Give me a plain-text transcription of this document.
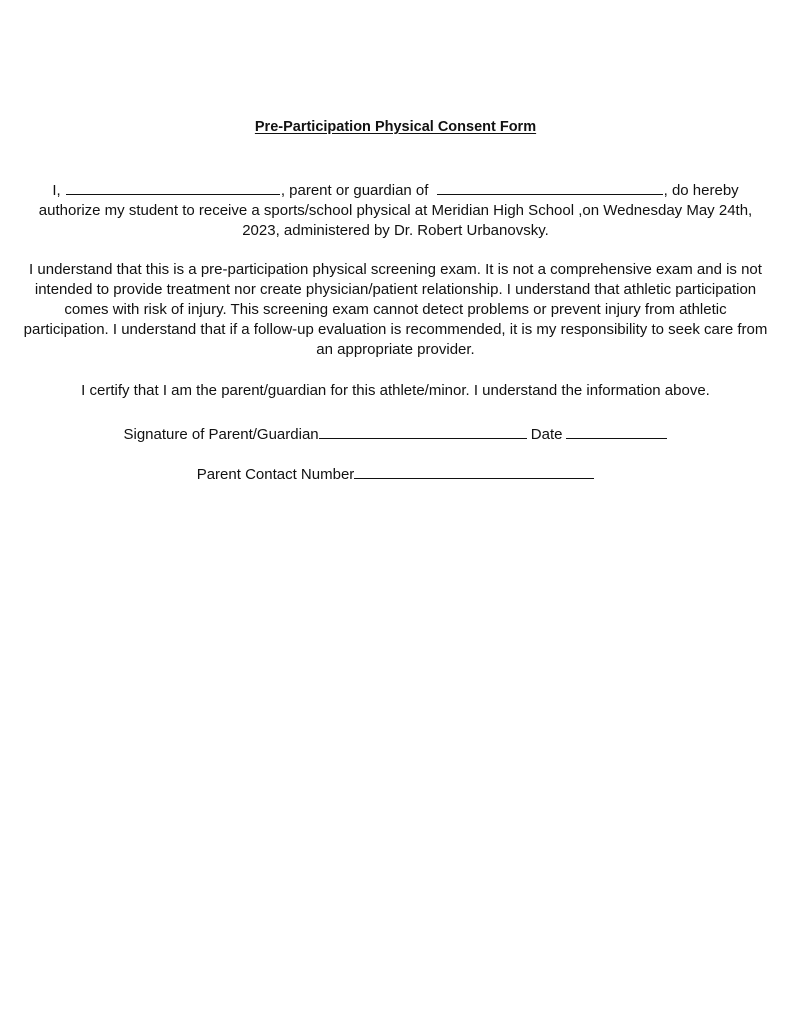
Pre-Participation Physical Consent Form
I,	, parent or guardian of	, do hereby authorize my student to receive a sports/school physical at Meridian High School ,on Wednesday May 24th, 2023, administered by Dr. Robert Urbanovsky.
I understand that this is a pre-participation physical screening exam. It is not a comprehensive exam and is not intended to provide treatment nor create physician/patient relationship. I understand that athletic participation comes with risk of injury. This screening exam cannot detect problems or prevent injury from athletic participation. I understand that if a follow-up evaluation is recommended, it is my responsibility to seek care from an appropriate provider.
I certify that I am the parent/guardian for this athlete/minor. I understand the information above.
Signature of Parent/Guardian	Date
Parent Contact Number
